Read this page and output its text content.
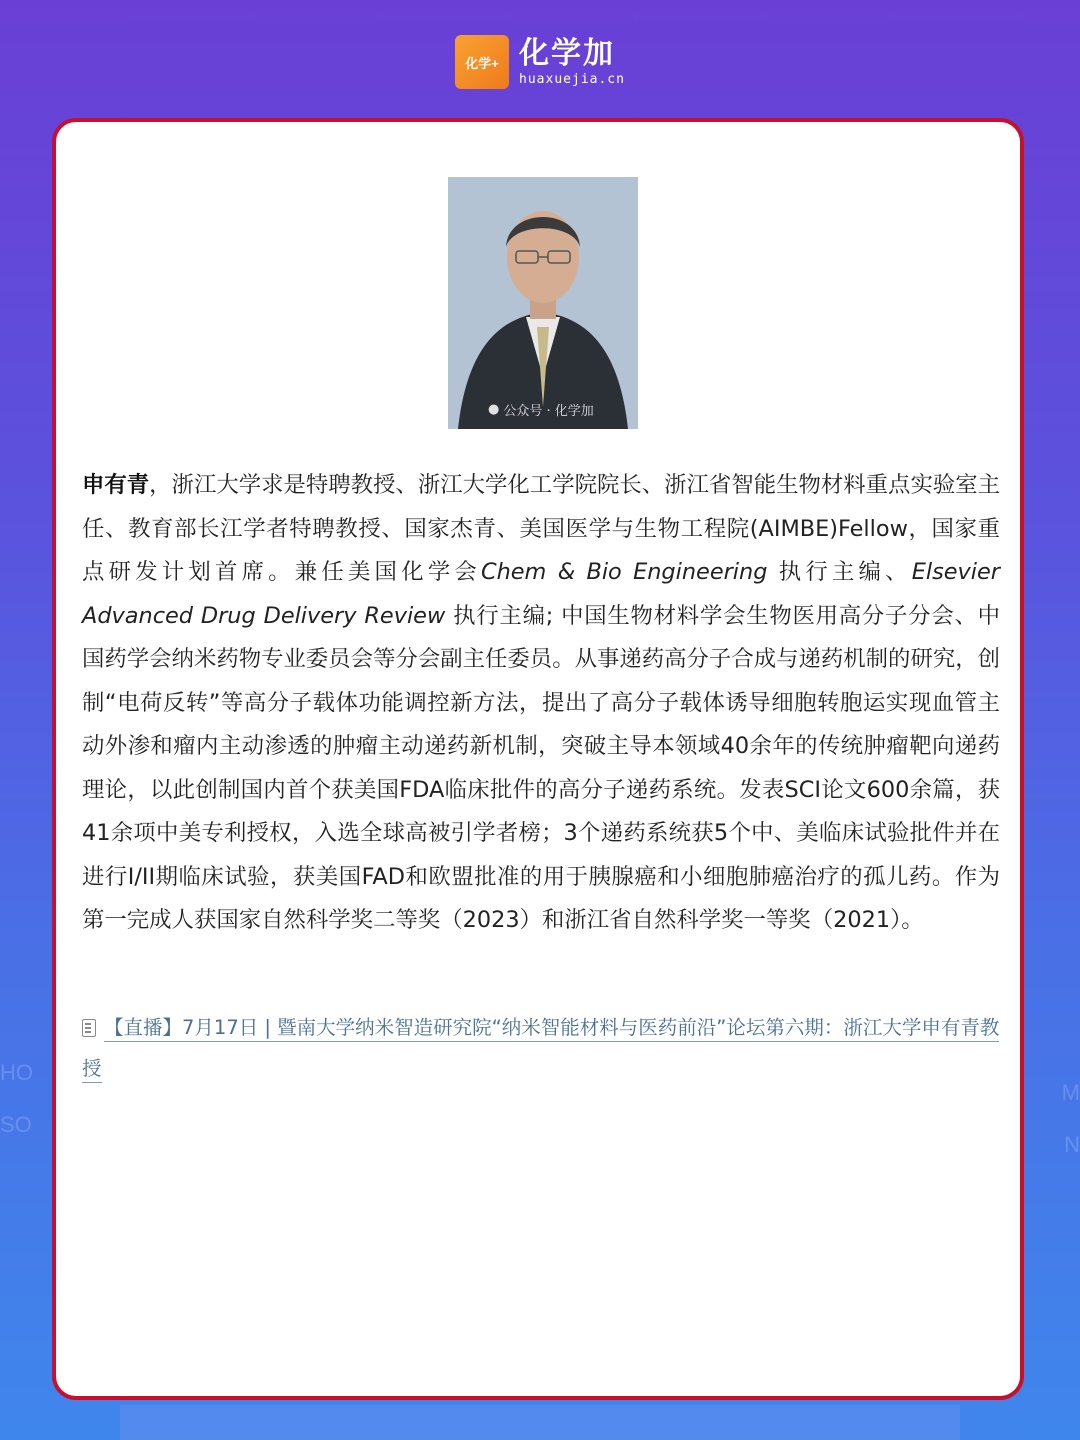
HO

SO
M

N
化学+ 化学加
huaxuejia.cn
● 公众号 · 化学加
申有青，浙江大学求是特聘教授、浙江大学化工学院院长、浙江省智能生物材料重点实验室主任、教育部长江学者特聘教授、国家杰青、美国医学与生物工程院(AIMBE)Fellow，国家重点研发计划首席。兼任美国化学会Chem & Bio Engineering 执行主编、Elsevier Advanced Drug Delivery Review 执行主编; 中国生物材料学会生物医用高分子分会、中国药学会纳米药物专业委员会等分会副主任委员。从事递药高分子合成与递药机制的研究，创制“电荷反转”等高分子载体功能调控新方法，提出了高分子载体诱导细胞转胞运实现血管主动外渗和瘤内主动渗透的肿瘤主动递药新机制，突破主导本领域40余年的传统肿瘤靶向递药理论，以此创制国内首个获美国FDA临床批件的高分子递药系统。发表SCI论文600余篇，获41余项中美专利授权，入选全球高被引学者榜；3个递药系统获5个中、美临床试验批件并在进行I/II期临床试验，获美国FAD和欧盟批准的用于胰腺癌和小细胞肺癌治疗的孤儿药。作为第一完成人获国家自然科学奖二等奖（2023）和浙江省自然科学奖一等奖（2021）。
【直播】7月17日 | 暨南大学纳米智造研究院“纳米智能材料与医药前沿”论坛第六期：浙江大学申有青教授
